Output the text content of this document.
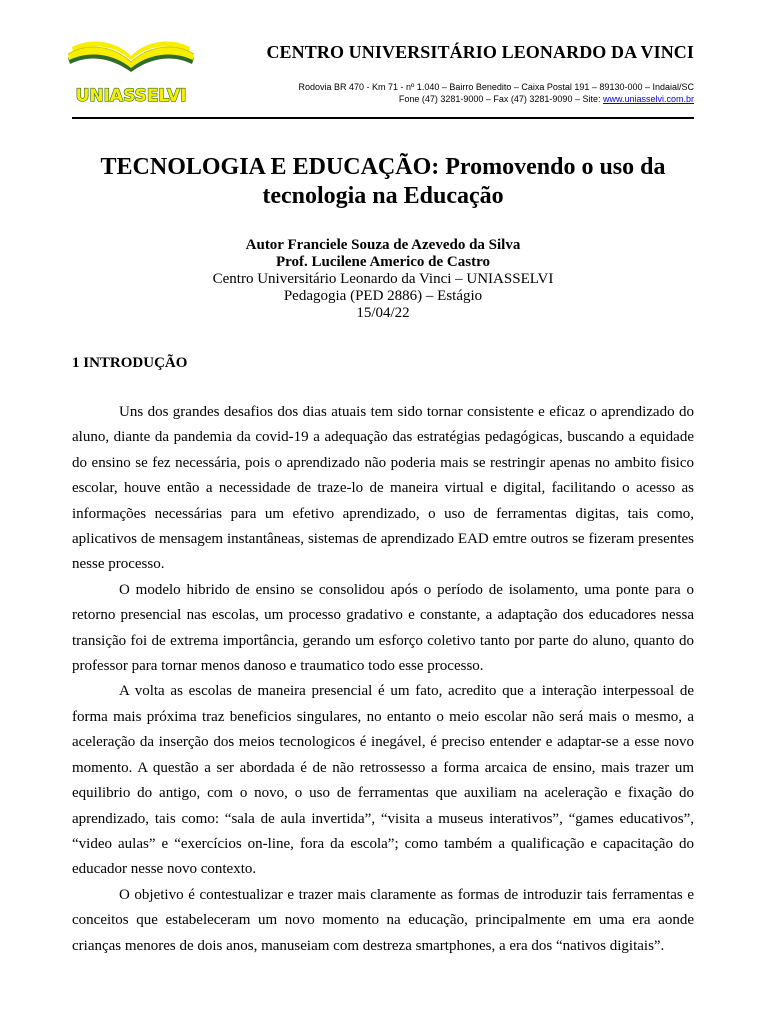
UNIASSELVI
CENTRO UNIVERSITÁRIO LEONARDO DA VINCI
Rodovia BR 470 - Km 71 - nº 1.040 – Bairro Benedito – Caixa Postal 191 – 89130-000 – Indaial/SC
Fone (47) 3281-9000 – Fax (47) 3281-9090 – Site: www.uniasselvi.com.br
TECNOLOGIA E EDUCAÇÃO: Promovendo o uso da
tecnologia na Educação
Autor Franciele Souza de Azevedo da Silva
Prof. Lucilene Americo de Castro
Centro Universitário Leonardo da Vinci – UNIASSELVI
Pedagogia (PED 2886) – Estágio
15/04/22
1 INTRODUÇÃO

Uns dos grandes desafios dos dias atuais tem sido tornar consistente e eficaz o aprendizado do aluno, diante da pandemia da covid-19 a adequação das estratégias pedagógicas, buscando a equidade do ensino se fez necessária, pois o aprendizado não poderia mais se restringir apenas no ambito fisico escolar, houve então a necessidade de traze-lo de maneira virtual e digital, facilitando o acesso as informações necessárias para um efetivo aprendizado, o uso de ferramentas digitas, tais como, aplicativos de mensagem instantâneas, sistemas de aprendizado EAD emtre outros se fizeram presentes nesse processo.

O modelo hibrido de ensino se consolidou após o período de isolamento, uma ponte para o retorno presencial nas escolas, um processo gradativo e constante, a adaptação dos educadores nessa transição foi de extrema importância, gerando um esforço coletivo tanto por parte do aluno, quanto do professor para tornar menos danoso e traumatico todo esse processo.

A volta as escolas de maneira presencial é um fato, acredito que a interação interpessoal de forma mais próxima traz beneficios singulares, no entanto o meio escolar não será mais o mesmo, a aceleração da inserção dos meios tecnologicos é inegável, é preciso entender e adaptar-se a esse novo momento. A questão a ser abordada é de não retrossesso a forma arcaica de ensino, mais trazer um equilibrio do antigo, com o novo, o uso de ferramentas que auxiliam na aceleração e fixação do aprendizado, tais como: “sala de aula invertida”, “visita a museus interativos”, “games educativos”, “video aulas” e “exercícios on-line, fora da escola”; como também a qualificação e capacitação do educador nesse novo contexto.

O objetivo é contestualizar e trazer mais claramente as formas de introduzir tais ferramentas e conceitos que estabeleceram um novo momento na educação, principalmente em uma era aonde crianças menores de dois anos, manuseiam com destreza smartphones, a era dos “nativos digitais”.
